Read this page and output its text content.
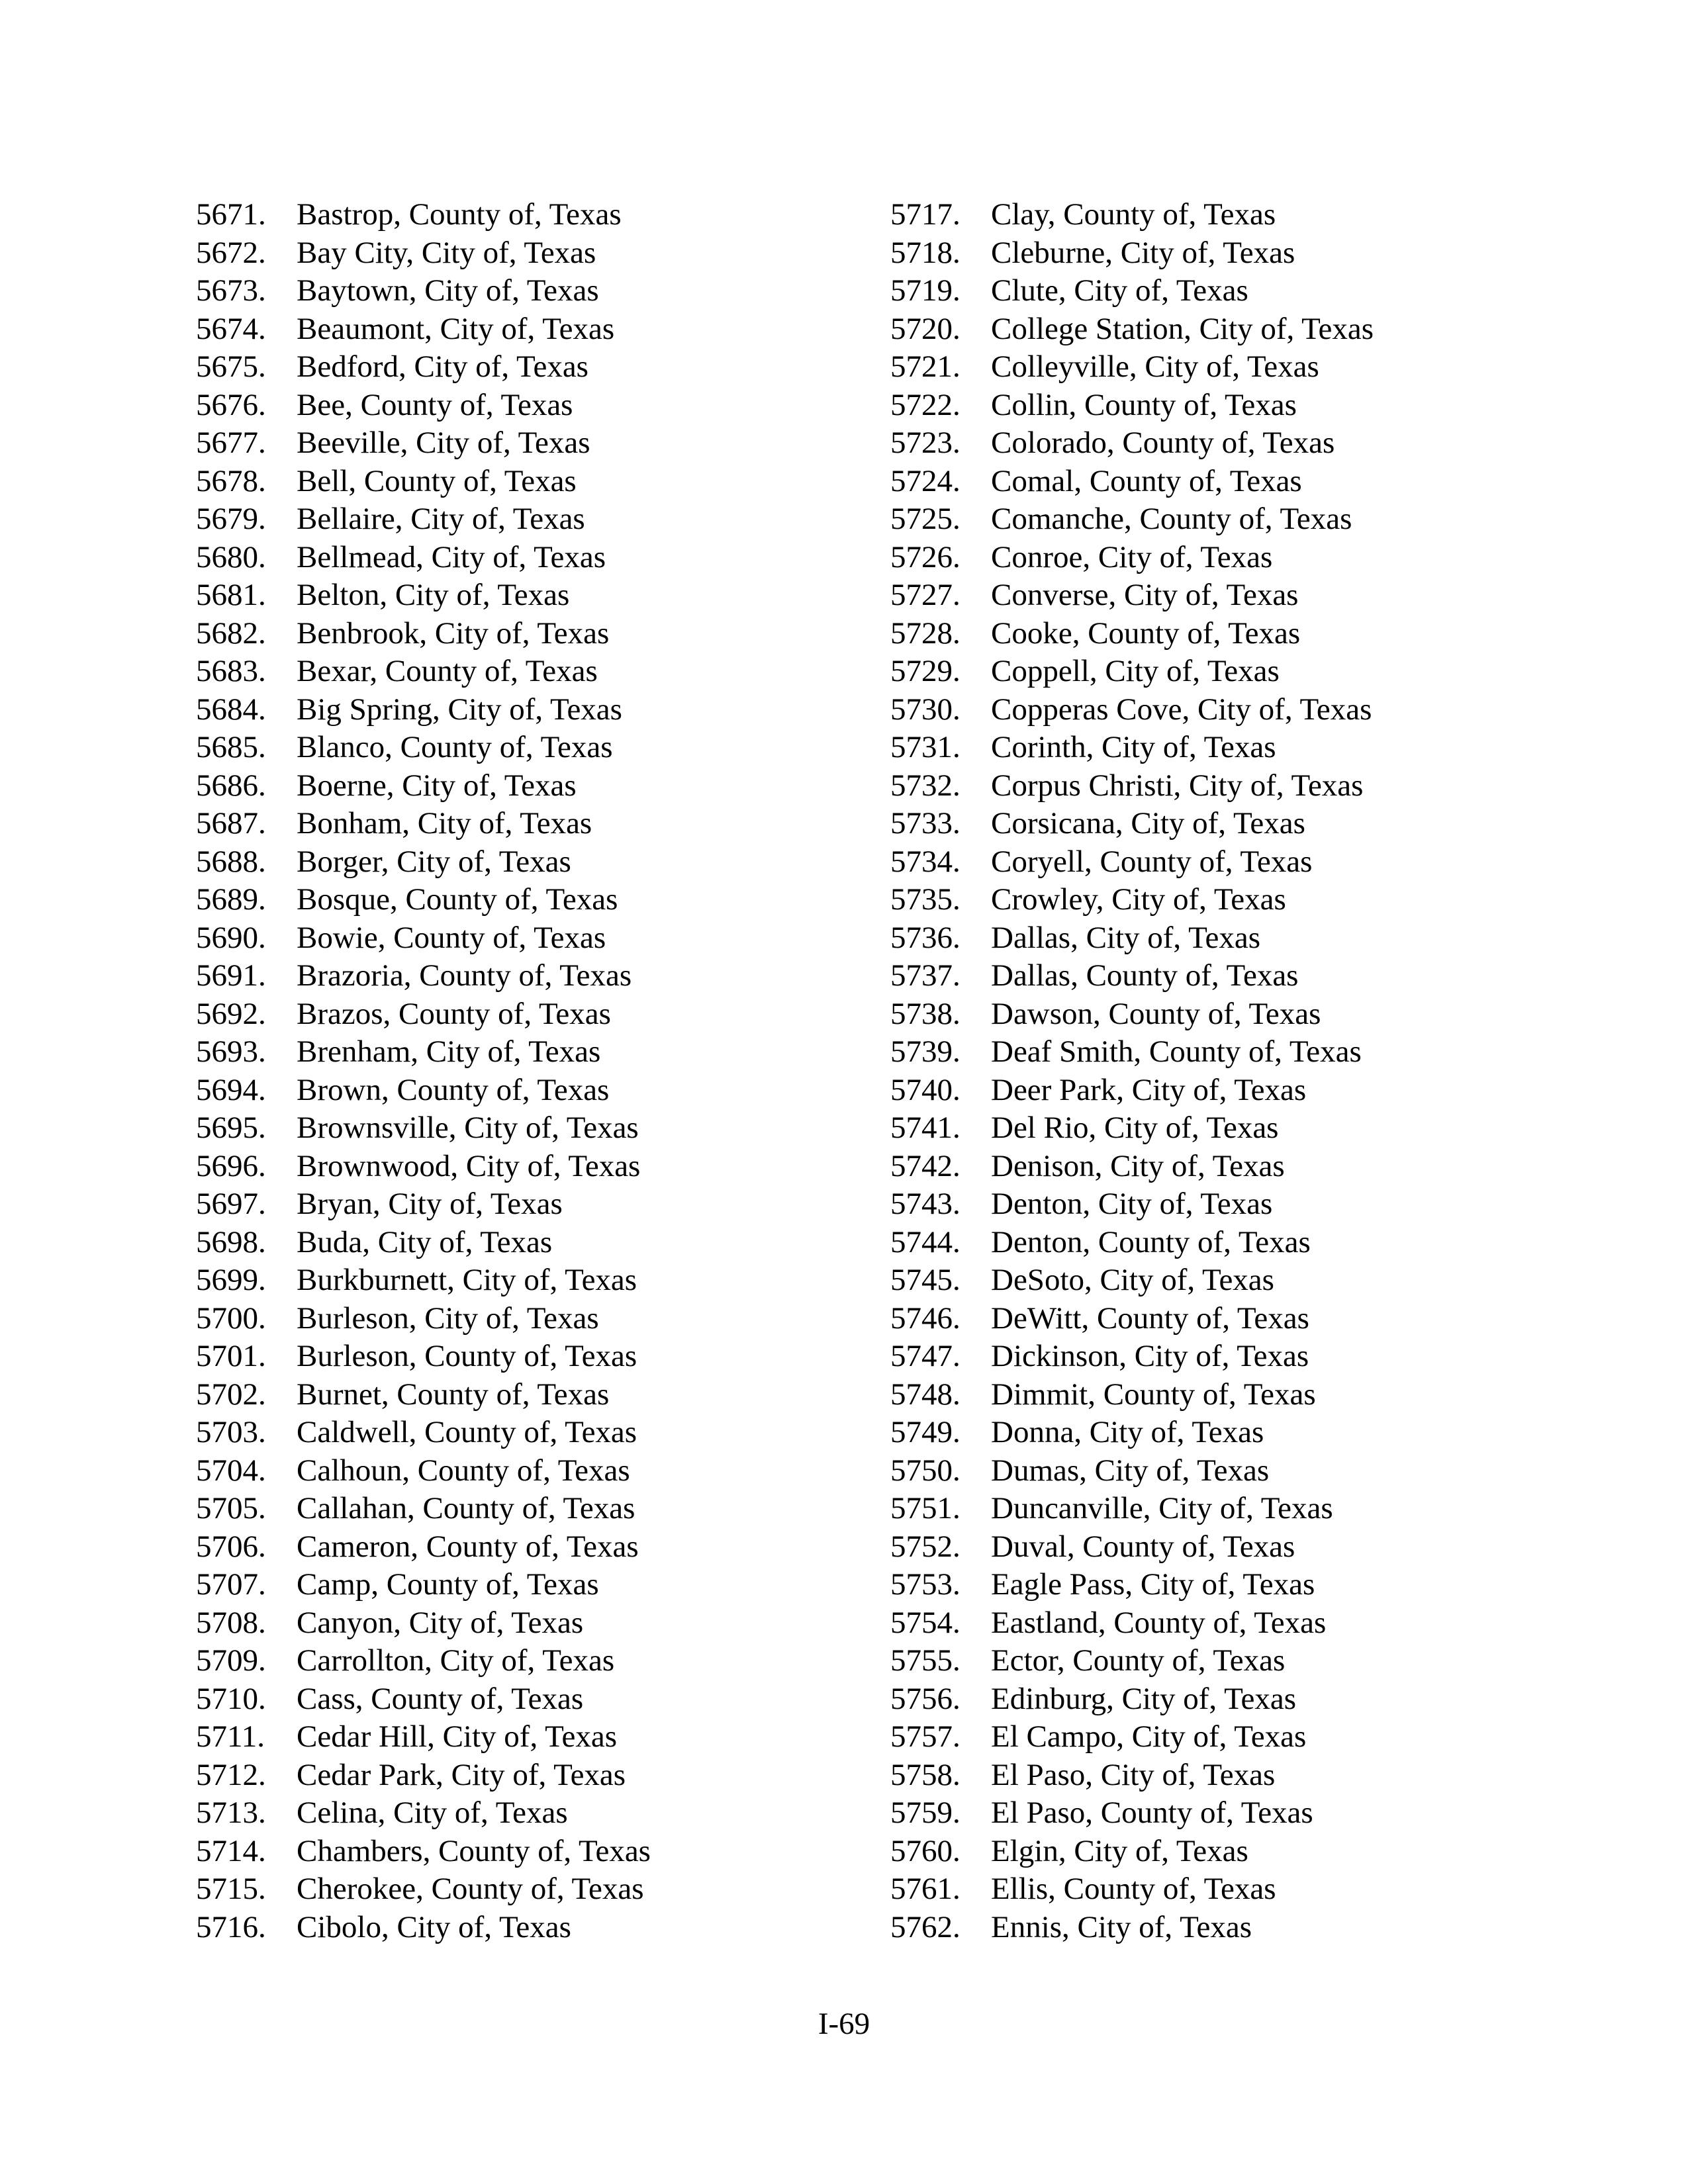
5671. Bastrop, County of, Texas
5672. Bay City, City of, Texas
5673. Baytown, City of, Texas
5674. Beaumont, City of, Texas
5675. Bedford, City of, Texas
5676. Bee, County of, Texas
5677. Beeville, City of, Texas
5678. Bell, County of, Texas
5679. Bellaire, City of, Texas
5680. Bellmead, City of, Texas
5681. Belton, City of, Texas
5682. Benbrook, City of, Texas
5683. Bexar, County of, Texas
5684. Big Spring, City of, Texas
5685. Blanco, County of, Texas
5686. Boerne, City of, Texas
5687. Bonham, City of, Texas
5688. Borger, City of, Texas
5689. Bosque, County of, Texas
5690. Bowie, County of, Texas
5691. Brazoria, County of, Texas
5692. Brazos, County of, Texas
5693. Brenham, City of, Texas
5694. Brown, County of, Texas
5695. Brownsville, City of, Texas
5696. Brownwood, City of, Texas
5697. Bryan, City of, Texas
5698. Buda, City of, Texas
5699. Burkburnett, City of, Texas
5700. Burleson, City of, Texas
5701. Burleson, County of, Texas
5702. Burnet, County of, Texas
5703. Caldwell, County of, Texas
5704. Calhoun, County of, Texas
5705. Callahan, County of, Texas
5706. Cameron, County of, Texas
5707. Camp, County of, Texas
5708. Canyon, City of, Texas
5709. Carrollton, City of, Texas
5710. Cass, County of, Texas
5711. Cedar Hill, City of, Texas
5712. Cedar Park, City of, Texas
5713. Celina, City of, Texas
5714. Chambers, County of, Texas
5715. Cherokee, County of, Texas
5716. Cibolo, City of, Texas
5717. Clay, County of, Texas
5718. Cleburne, City of, Texas
5719. Clute, City of, Texas
5720. College Station, City of, Texas
5721. Colleyville, City of, Texas
5722. Collin, County of, Texas
5723. Colorado, County of, Texas
5724. Comal, County of, Texas
5725. Comanche, County of, Texas
5726. Conroe, City of, Texas
5727. Converse, City of, Texas
5728. Cooke, County of, Texas
5729. Coppell, City of, Texas
5730. Copperas Cove, City of, Texas
5731. Corinth, City of, Texas
5732. Corpus Christi, City of, Texas
5733. Corsicana, City of, Texas
5734. Coryell, County of, Texas
5735. Crowley, City of, Texas
5736. Dallas, City of, Texas
5737. Dallas, County of, Texas
5738. Dawson, County of, Texas
5739. Deaf Smith, County of, Texas
5740. Deer Park, City of, Texas
5741. Del Rio, City of, Texas
5742. Denison, City of, Texas
5743. Denton, City of, Texas
5744. Denton, County of, Texas
5745. DeSoto, City of, Texas
5746. DeWitt, County of, Texas
5747. Dickinson, City of, Texas
5748. Dimmit, County of, Texas
5749. Donna, City of, Texas
5750. Dumas, City of, Texas
5751. Duncanville, City of, Texas
5752. Duval, County of, Texas
5753. Eagle Pass, City of, Texas
5754. Eastland, County of, Texas
5755. Ector, County of, Texas
5756. Edinburg, City of, Texas
5757. El Campo, City of, Texas
5758. El Paso, City of, Texas
5759. El Paso, County of, Texas
5760. Elgin, City of, Texas
5761. Ellis, County of, Texas
5762. Ennis, City of, Texas
I-69
